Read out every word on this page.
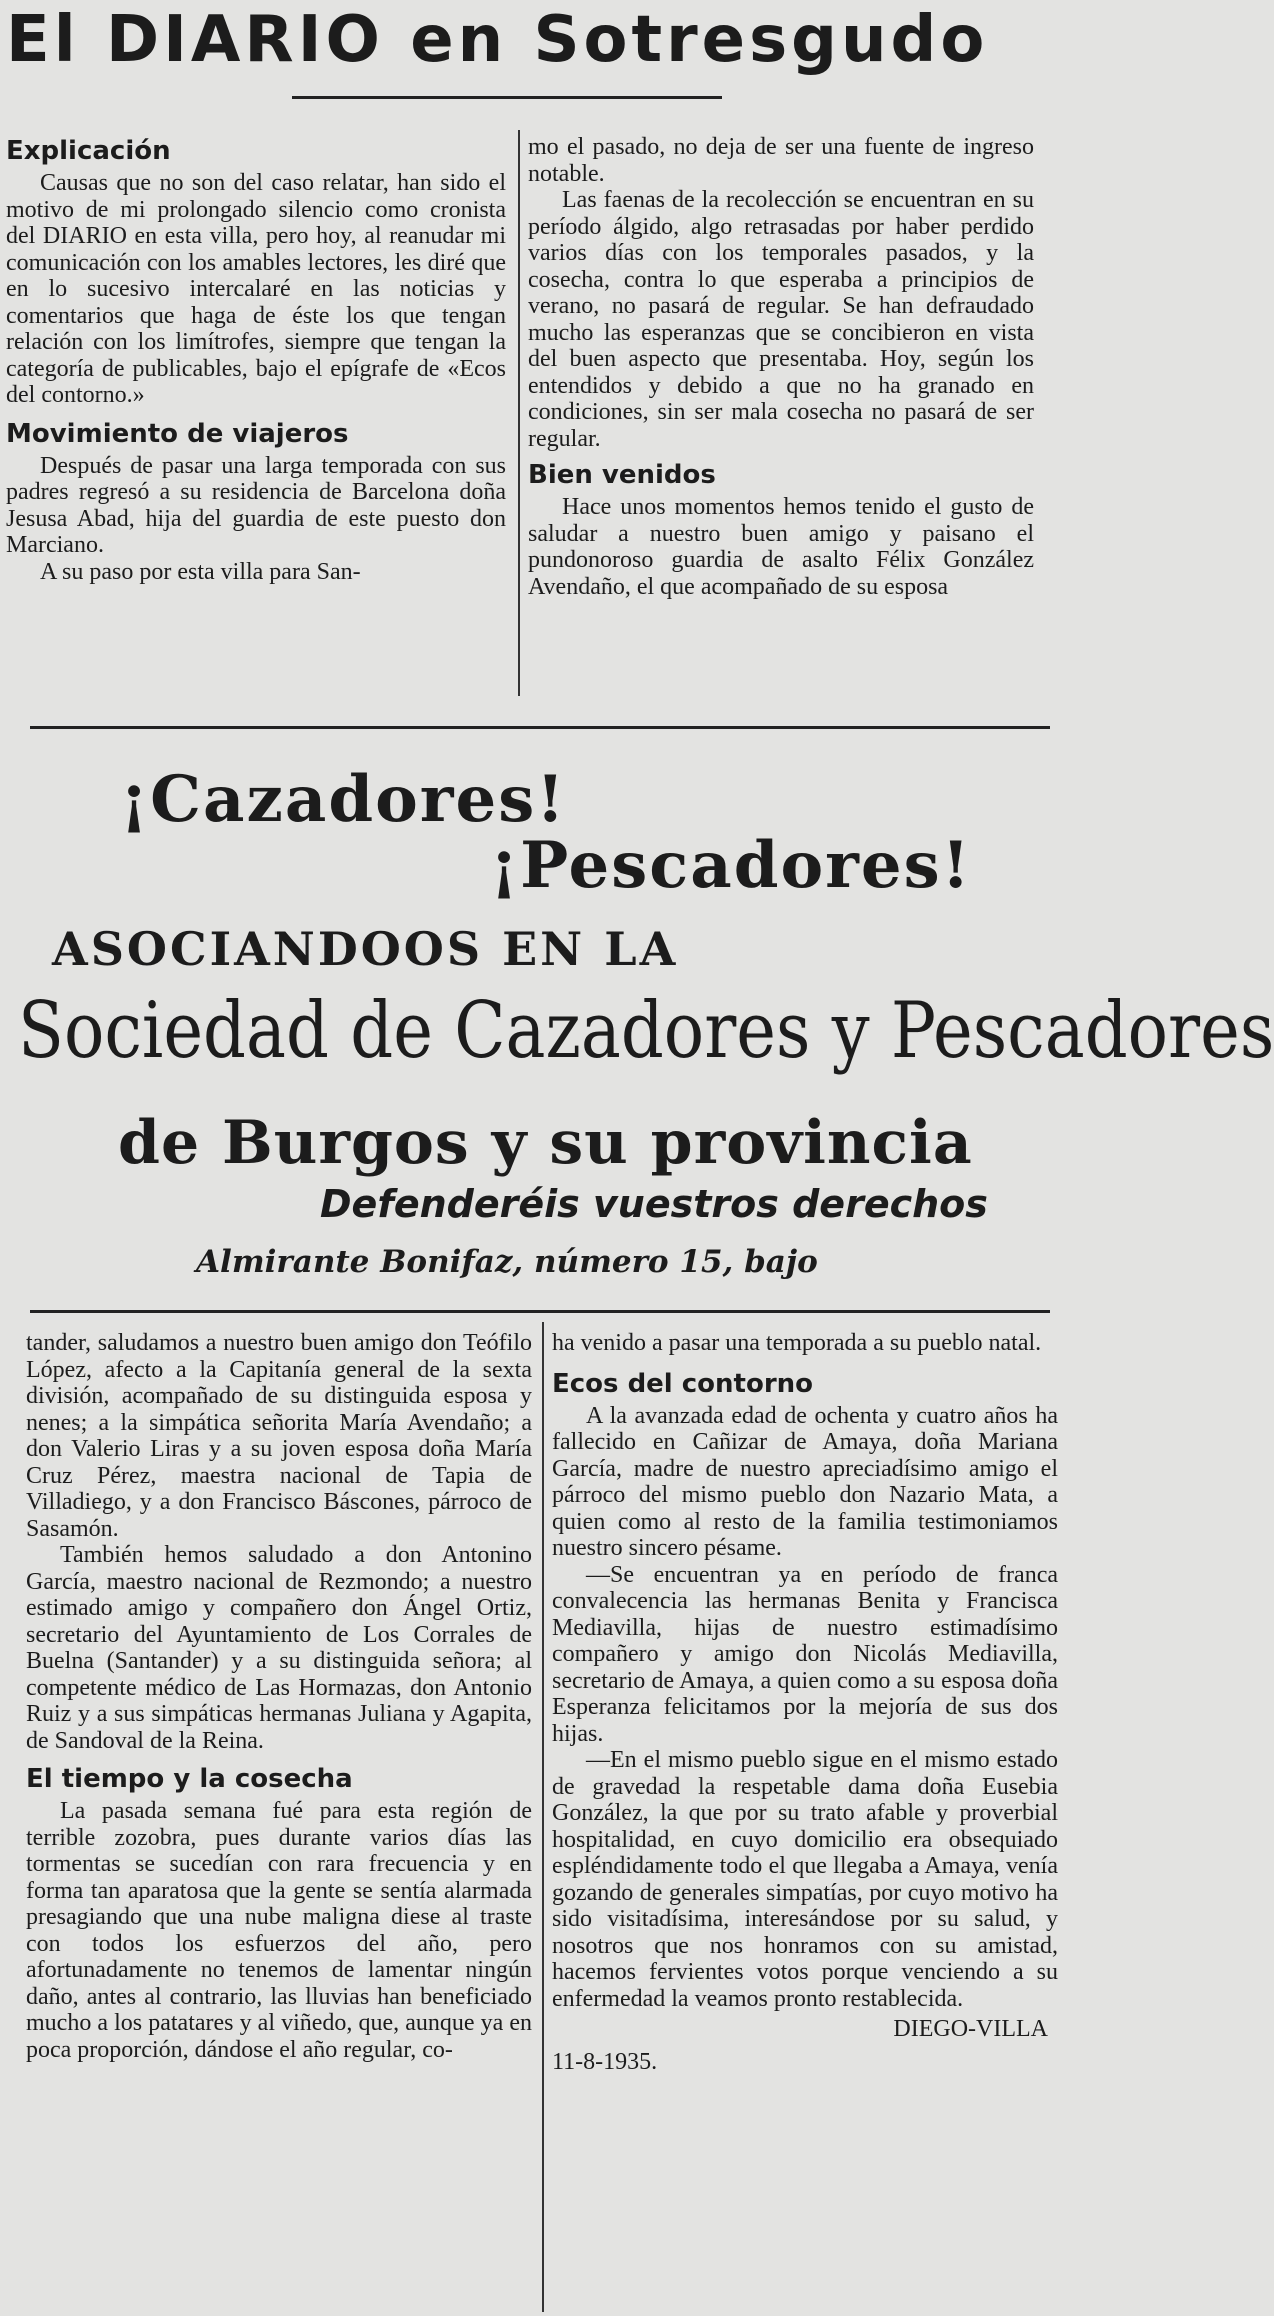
El DIARIO en Sotresgudo
Explicación

Causas que no son del caso relatar, han sido el motivo de mi prolongado silencio como cronista del DIARIO en esta villa, pero hoy, al reanudar mi comunicación con los amables lectores, les diré que en lo sucesivo intercalaré en las noticias y comentarios que haga de éste los que tengan relación con los limítrofes, siempre que tengan la categoría de publicables, bajo el epígrafe de «Ecos del contorno.»

Movimiento de viajeros

Después de pasar una larga temporada con sus padres regresó a su residencia de Barcelona doña Jesusa Abad, hija del guardia de este puesto don Marciano.

A su paso por esta villa para San-

mo el pasado, no deja de ser una fuente de ingreso notable.

Las faenas de la recolección se encuentran en su período álgido, algo retrasadas por haber perdido varios días con los temporales pasados, y la cosecha, contra lo que esperaba a principios de verano, no pasará de regular. Se han defraudado mucho las esperanzas que se concibieron en vista del buen aspecto que presentaba. Hoy, según los entendidos y debido a que no ha granado en condiciones, sin ser mala cosecha no pasará de ser regular.

Bien venidos

Hace unos momentos hemos tenido el gusto de saludar a nuestro buen amigo y paisano el pundonoroso guardia de asalto Félix González Avendaño, el que acompañado de su esposa

¡Cazadores!
¡Pescadores!
ASOCIANDOOS EN LA
Sociedad de Cazadores y Pescadores
de Burgos y su provincia
Defenderéis vuestros derechos
Almirante Bonifaz, número 15, bajo

tander, saludamos a nuestro buen amigo don Teófilo López, afecto a la Capitanía general de la sexta división, acompañado de su distinguida esposa y nenes; a la simpática señorita María Avendaño; a don Valerio Liras y a su joven esposa doña María Cruz Pérez, maestra nacional de Tapia de Villadiego, y a don Francisco Báscones, párroco de Sasamón.

También hemos saludado a don Antonino García, maestro nacional de Rezmondo; a nuestro estimado amigo y compañero don Ángel Ortiz, secretario del Ayuntamiento de Los Corrales de Buelna (Santander) y a su distinguida señora; al competente médico de Las Hormazas, don Antonio Ruiz y a sus simpáticas hermanas Juliana y Agapita, de Sandoval de la Reina.

El tiempo y la cosecha

La pasada semana fué para esta región de terrible zozobra, pues durante varios días las tormentas se sucedían con rara frecuencia y en forma tan aparatosa que la gente se sentía alarmada presagiando que una nube maligna diese al traste con todos los esfuerzos del año, pero afortunadamente no tenemos de lamentar ningún daño, antes al contrario, las lluvias han beneficiado mucho a los patatares y al viñedo, que, aunque ya en poca proporción, dándose el año regular, co-

ha venido a pasar una temporada a su pueblo natal.

Ecos del contorno

A la avanzada edad de ochenta y cuatro años ha fallecido en Cañizar de Amaya, doña Mariana García, madre de nuestro apreciadísimo amigo el párroco del mismo pueblo don Nazario Mata, a quien como al resto de la familia testimoniamos nuestro sincero pésame.

—Se encuentran ya en período de franca convalecencia las hermanas Benita y Francisca Mediavilla, hijas de nuestro estimadísimo compañero y amigo don Nicolás Mediavilla, secretario de Amaya, a quien como a su esposa doña Esperanza felicitamos por la mejoría de sus dos hijas.

—En el mismo pueblo sigue en el mismo estado de gravedad la respetable dama doña Eusebia González, la que por su trato afable y proverbial hospitalidad, en cuyo domicilio era obsequiado espléndidamente todo el que llegaba a Amaya, venía gozando de generales simpatías, por cuyo motivo ha sido visitadísima, interesándose por su salud, y nosotros que nos honramos con su amistad, hacemos fervientes votos porque venciendo a su enfermedad la veamos pronto restablecida.

DIEGO-VILLA
11-8-1935.
